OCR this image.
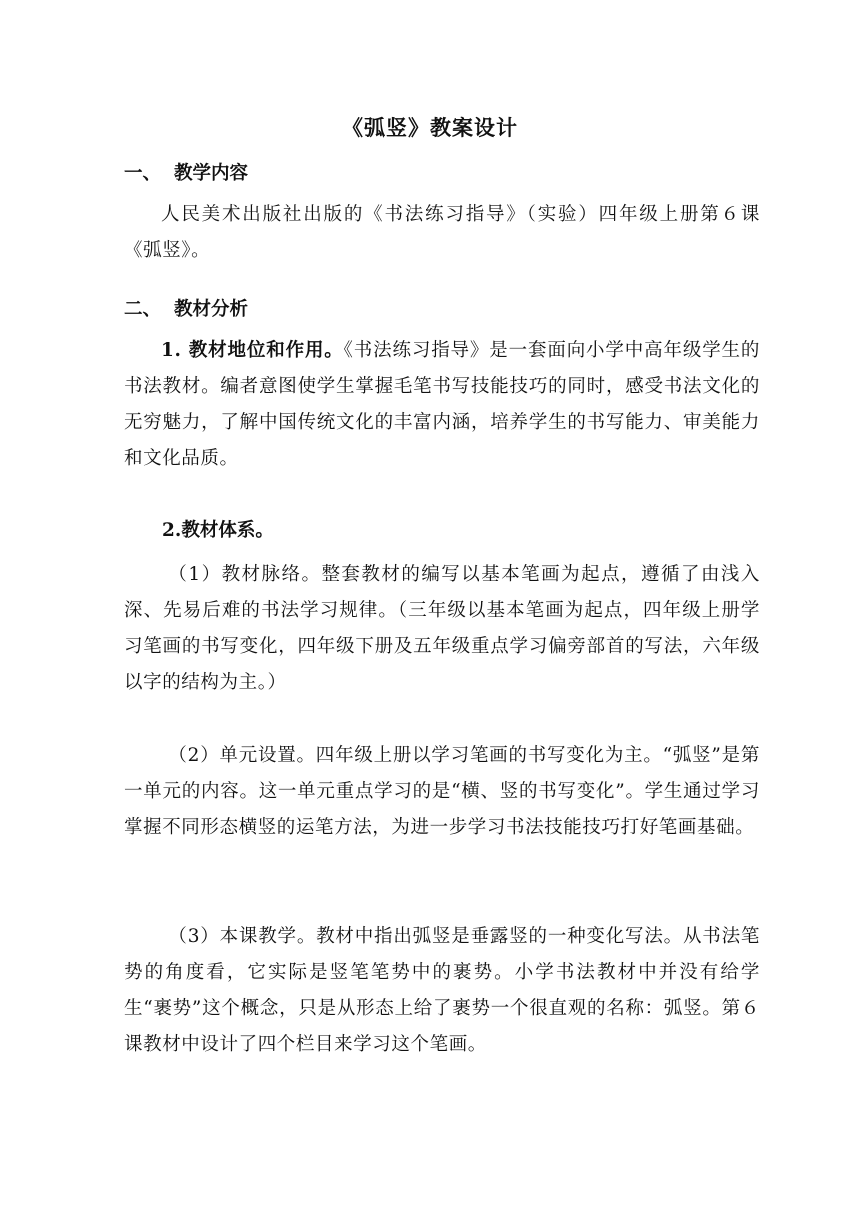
《弧竖》教案设计
一、 教学内容
人民美术出版社出版的《书法练习指导》（实验）四年级上册第６课《弧竖》。
二、 教材分析
1. 教材地位和作用。《书法练习指导》是一套面向小学中高年级学生的书法教材。编者意图使学生掌握毛笔书写技能技巧的同时，感受书法文化的无穷魅力，了解中国传统文化的丰富内涵，培养学生的书写能力、审美能力和文化品质。
2.教材体系。
（1）教材脉络。整套教材的编写以基本笔画为起点，遵循了由浅入深、先易后难的书法学习规律。（三年级以基本笔画为起点，四年级上册学习笔画的书写变化，四年级下册及五年级重点学习偏旁部首的写法，六年级以字的结构为主。）
（2）单元设置。四年级上册以学习笔画的书写变化为主。“弧竖”是第一单元的内容。这一单元重点学习的是“横、竖的书写变化”。学生通过学习掌握不同形态横竖的运笔方法，为进一步学习书法技能技巧打好笔画基础。
（3）本课教学。教材中指出弧竖是垂露竖的一种变化写法。从书法笔势的角度看，它实际是竖笔笔势中的裹势。小学书法教材中并没有给学生“裹势”这个概念，只是从形态上给了裹势一个很直观的名称：弧竖。第６课教材中设计了四个栏目来学习这个笔画。
